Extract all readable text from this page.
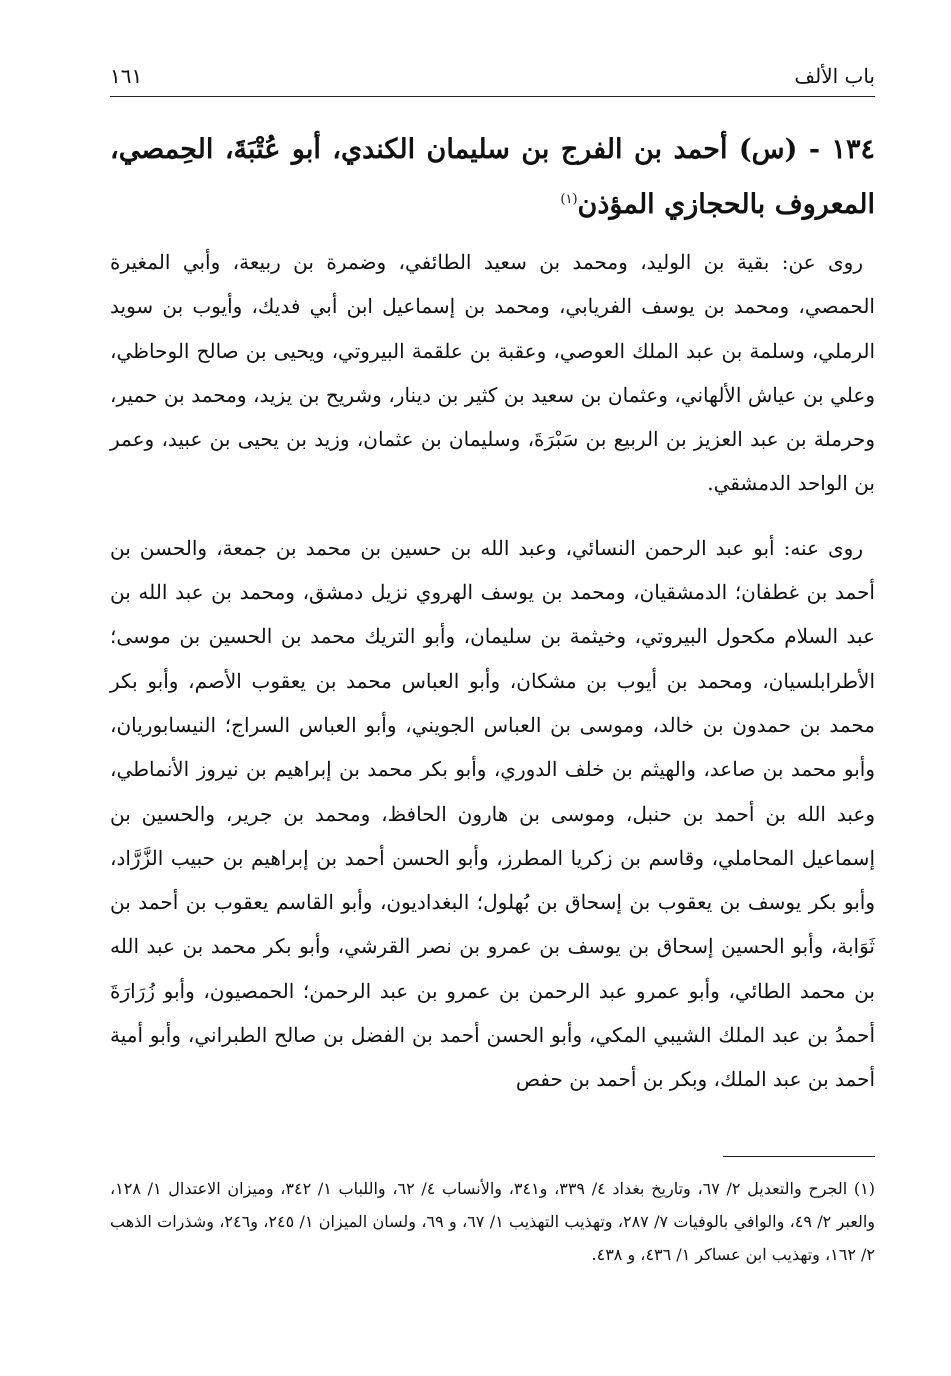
باب الألف
١٦١
١٣٤ - (س) أحمد بن الفرج بن سليمان الكندي، أبو عُتْبَةَ، الحِمصي، المعروف بالحجازي المؤذن$^{(١)}$

روى عن: بقية بن الوليد، ومحمد بن سعيد الطائفي، وضمرة بن ربيعة، وأبي المغيرة الحمصي، ومحمد بن يوسف الفريابي، ومحمد بن إسماعيل ابن أبي فديك، وأيوب بن سويد الرملي، وسلمة بن عبد الملك العوصي، وعقبة بن علقمة البيروتي، ويحيى بن صالح الوحاظي، وعلي بن عياش الألهاني، وعثمان بن سعيد بن كثير بن دينار، وشريح بن يزيد، ومحمد بن حمير، وحرملة بن عبد العزيز بن الربيع بن سَبْرَةَ، وسليمان بن عثمان، وزيد بن يحيى بن عبيد، وعمر بن الواحد الدمشقي.

روى عنه: أبو عبد الرحمن النسائي، وعبد الله بن حسين بن محمد بن جمعة، والحسن بن أحمد بن غطفان؛ الدمشقيان، ومحمد بن يوسف الهروي نزيل دمشق، ومحمد بن عبد الله بن عبد السلام مكحول البيروتي، وخيثمة بن سليمان، وأبو التريك محمد بن الحسين بن موسى؛ الأطرابلسيان، ومحمد بن أيوب بن مشكان، وأبو العباس محمد بن يعقوب الأصم، وأبو بكر محمد بن حمدون بن خالد، وموسى بن العباس الجويني، وأبو العباس السراج؛ النيسابوريان، وأبو محمد بن صاعد، والهيثم بن خلف الدوري، وأبو بكر محمد بن إبراهيم بن نيروز الأنماطي، وعبد الله بن أحمد بن حنبل، وموسى بن هارون الحافظ، ومحمد بن جرير، والحسين بن إسماعيل المحاملي، وقاسم بن زكريا المطرز، وأبو الحسن أحمد بن إبراهيم بن حبيب الزَّرَّاد، وأبو بكر يوسف بن يعقوب بن إسحاق بن بُهلول؛ البغداديون، وأبو القاسم يعقوب بن أحمد بن ثَوَابة، وأبو الحسين إسحاق بن يوسف بن عمرو بن نصر القرشي، وأبو بكر محمد بن عبد الله بن محمد الطائي، وأبو عمرو عبد الرحمن بن عمرو بن عبد الرحمن؛ الحمصيون، وأبو زُرَارَةَ أحمدُ بن عبد الملك الشيبي المكي، وأبو الحسن أحمد بن الفضل بن صالح الطبراني، وأبو أمية أحمد بن عبد الملك، وبكر بن أحمد بن حفص

(١) الجرح والتعديل ٢/ ٦٧، وتاريخ بغداد ٤/ ٣٣٩، و٣٤١، والأنساب ٤/ ٦٢، واللباب ١/ ٣٤٢، وميزان الاعتدال ١/ ١٢٨، والعبر ٢/ ٤٩، والوافي بالوفيات ٧/ ٢٨٧، وتهذيب التهذيب ١/ ٦٧، و ٦٩، ولسان الميزان ١/ ٢٤٥، و٢٤٦، وشذرات الذهب ٢/ ١٦٢، وتهذيب ابن عساكر ١/ ٤٣٦، و ٤٣٨.
